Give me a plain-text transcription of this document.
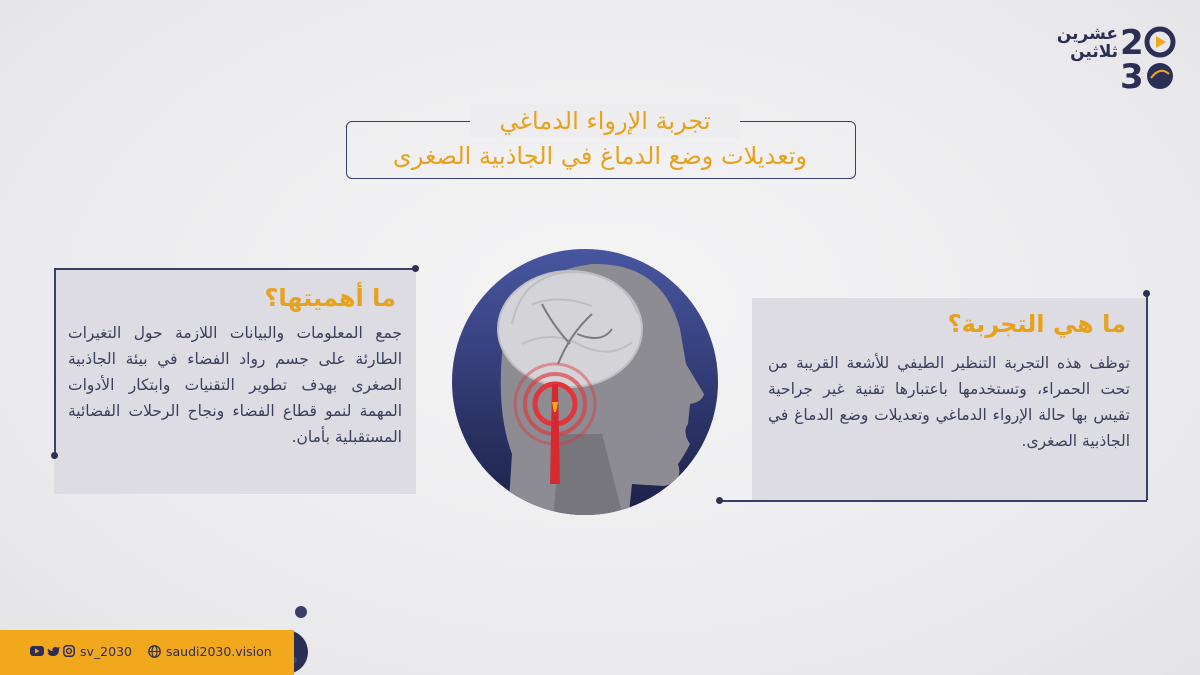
عشرين
ثلاثين 2
3
تجربة الإرواء الدماغي
وتعديلات وضع الدماغ في الجاذبية الصغرى
ما أهميتها؟

جمع المعلومات والبيانات اللازمة حول التغيرات الطارئة على جسم رواد الفضاء في بيئة الجاذبية الصغرى بهدف تطوير التقنيات وابتكار الأدوات المهمة لنمو قطاع الفضاء ونجاح الرحلات الفضائية المستقبلية بأمان.

ما هي التجربة؟

توظف هذه التجربة التنظير الطيفي للأشعة القريبة من تحت الحمراء، وتستخدمها باعتبارها تقنية غير جراحية تقيس بها حالة الإرواء الدماغي وتعديلات وضع الدماغ في الجاذبية الصغرى.

sv_2030	saudi2030.vision
